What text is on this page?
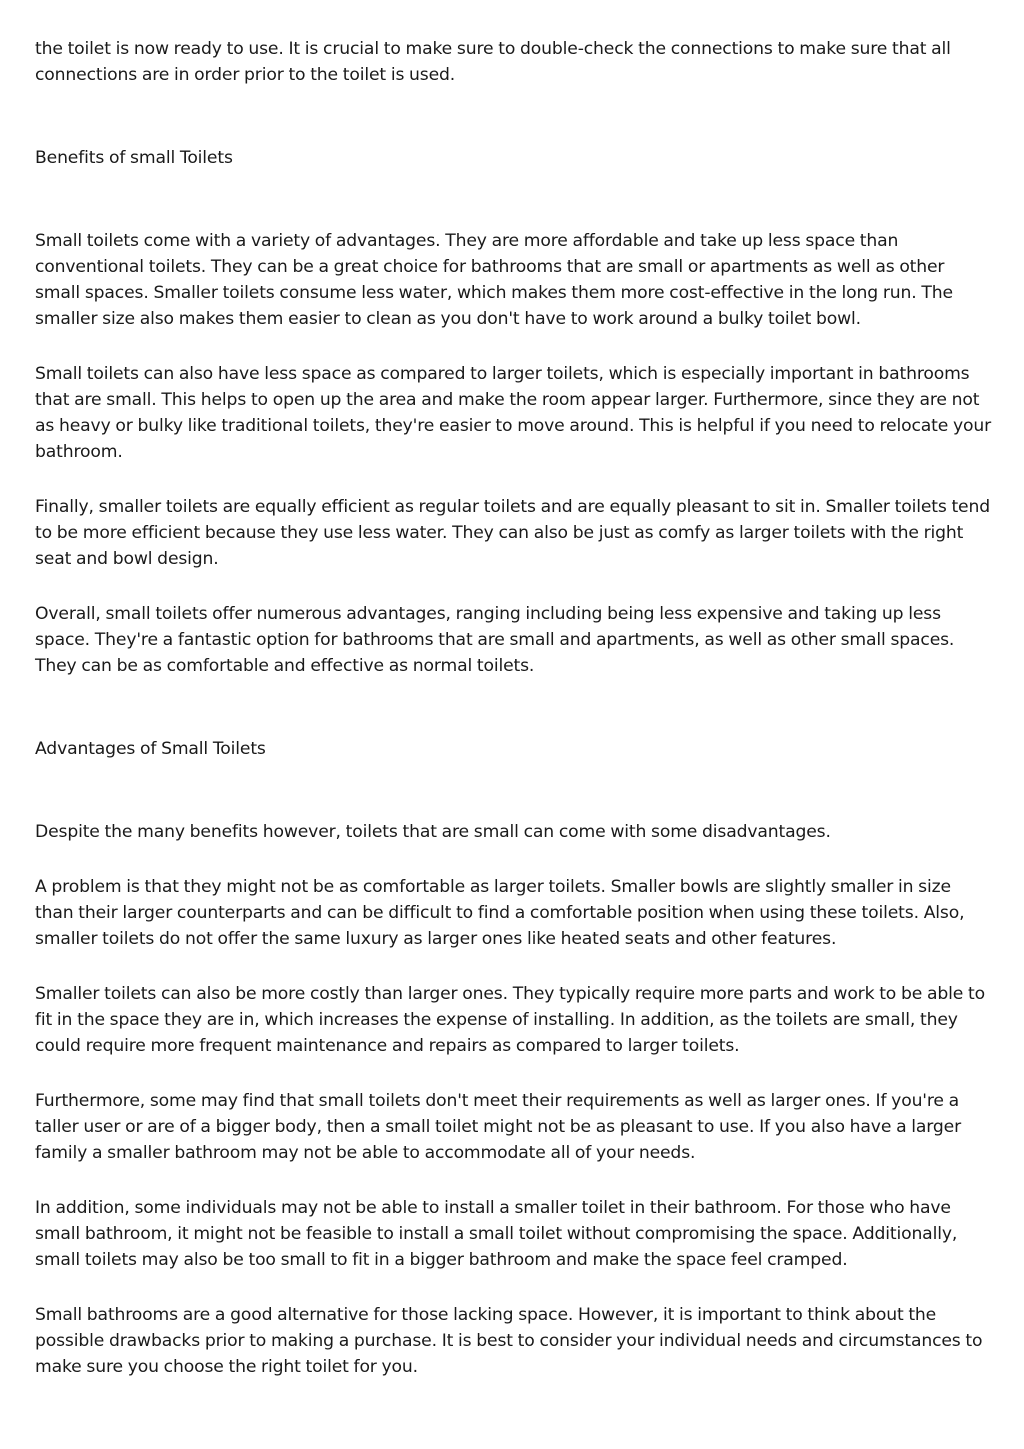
the toilet is now ready to use. It is crucial to make sure to double-check the connections to make sure that all connections are in order prior to the toilet is used.

Benefits of small Toilets

Small toilets come with a variety of advantages. They are more affordable and take up less space than conventional toilets. They can be a great choice for bathrooms that are small or apartments as well as other small spaces. Smaller toilets consume less water, which makes them more cost-effective in the long run. The smaller size also makes them easier to clean as you don't have to work around a bulky toilet bowl.

Small toilets can also have less space as compared to larger toilets, which is especially important in bathrooms that are small. This helps to open up the area and make the room appear larger. Furthermore, since they are not as heavy or bulky like traditional toilets, they're easier to move around. This is helpful if you need to relocate your bathroom.

Finally, smaller toilets are equally efficient as regular toilets and are equally pleasant to sit in. Smaller toilets tend to be more efficient because they use less water. They can also be just as comfy as larger toilets with the right seat and bowl design.

Overall, small toilets offer numerous advantages, ranging including being less expensive and taking up less space. They're a fantastic option for bathrooms that are small and apartments, as well as other small spaces. They can be as comfortable and effective as normal toilets.

Advantages of Small Toilets

Despite the many benefits however, toilets that are small can come with some disadvantages.

A problem is that they might not be as comfortable as larger toilets. Smaller bowls are slightly smaller in size than their larger counterparts and can be difficult to find a comfortable position when using these toilets. Also, smaller toilets do not offer the same luxury as larger ones like heated seats and other features.

Smaller toilets can also be more costly than larger ones. They typically require more parts and work to be able to fit in the space they are in, which increases the expense of installing. In addition, as the toilets are small, they could require more frequent maintenance and repairs as compared to larger toilets.

Furthermore, some may find that small toilets don't meet their requirements as well as larger ones. If you're a taller user or are of a bigger body, then a small toilet might not be as pleasant to use. If you also have a larger family a smaller bathroom may not be able to accommodate all of your needs.

In addition, some individuals may not be able to install a smaller toilet in their bathroom. For those who have small bathroom, it might not be feasible to install a small toilet without compromising the space. Additionally, small toilets may also be too small to fit in a bigger bathroom and make the space feel cramped.

Small bathrooms are a good alternative for those lacking space. However, it is important to think about the possible drawbacks prior to making a purchase. It is best to consider your individual needs and circumstances to make sure you choose the right toilet for you.
